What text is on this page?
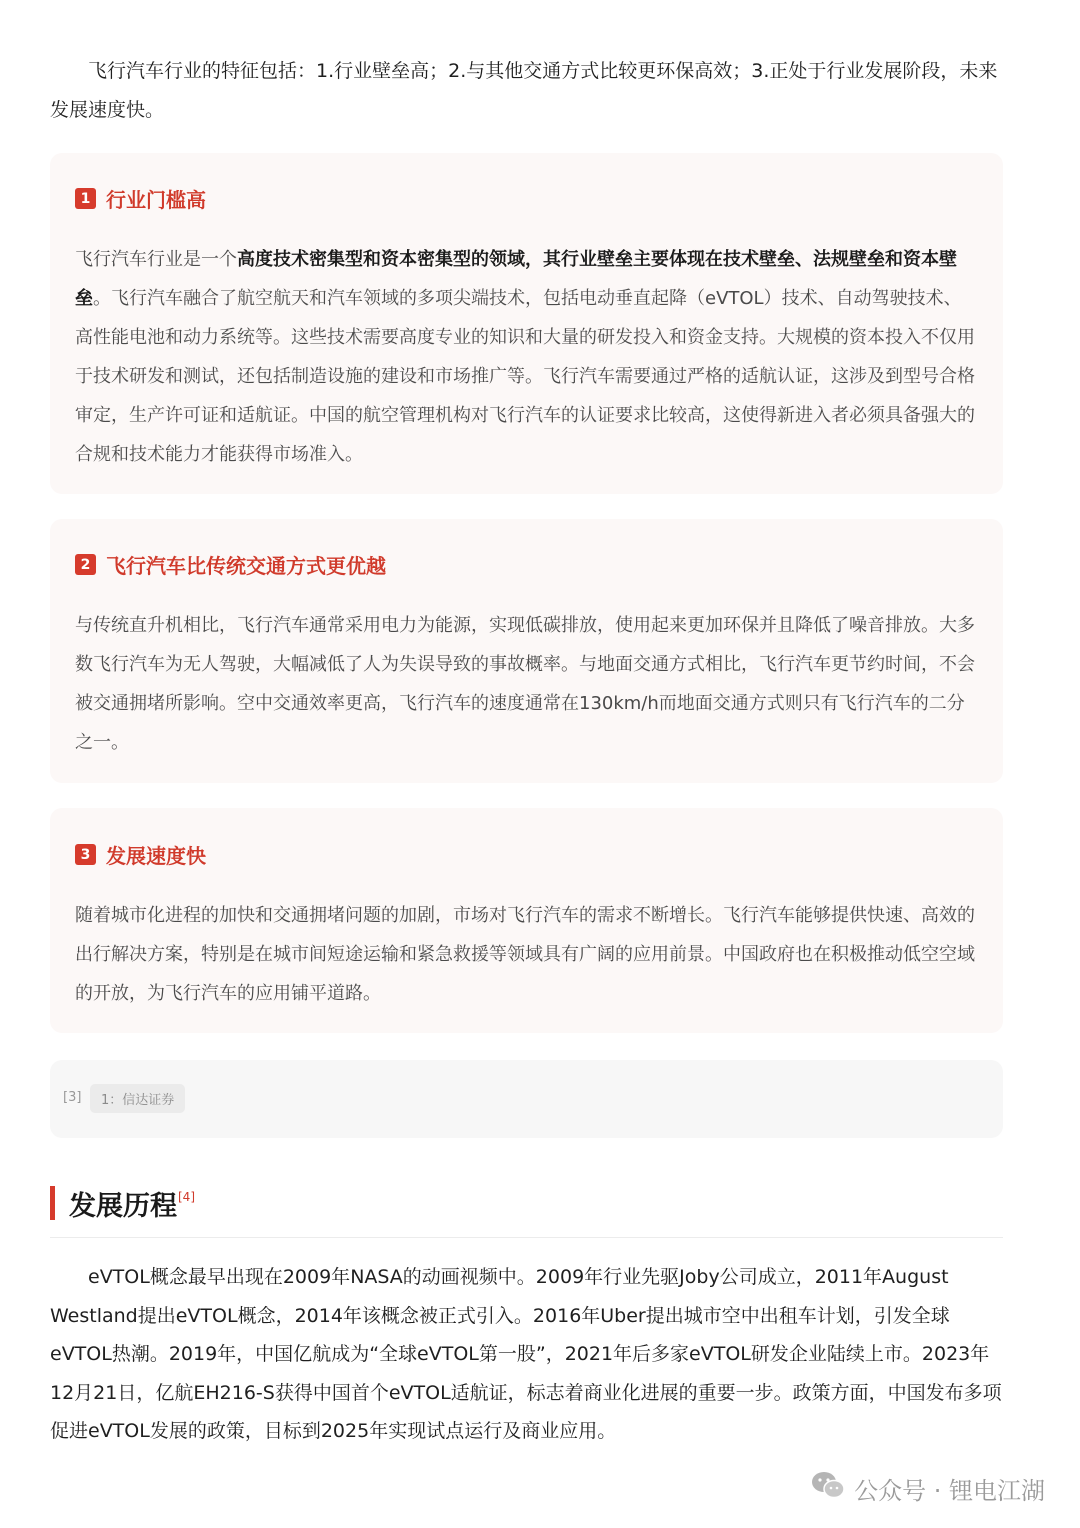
飞行汽车行业的特征包括：1.行业壁垒高；2.与其他交通方式比较更环保高效；3.正处于行业发展阶段，未来发展速度快。

1 行业门槛高

飞行汽车行业是一个高度技术密集型和资本密集型的领域，其行业壁垒主要体现在技术壁垒、法规壁垒和资本壁垒。飞行汽车融合了航空航天和汽车领域的多项尖端技术，包括电动垂直起降（eVTOL）技术、自动驾驶技术、高性能电池和动力系统等。这些技术需要高度专业的知识和大量的研发投入和资金支持。大规模的资本投入不仅用于技术研发和测试，还包括制造设施的建设和市场推广等。飞行汽车需要通过严格的适航认证，这涉及到型号合格审定，生产许可证和适航证。中国的航空管理机构对飞行汽车的认证要求比较高，这使得新进入者必须具备强大的合规和技术能力才能获得市场准入。

2 飞行汽车比传统交通方式更优越

与传统直升机相比，飞行汽车通常采用电力为能源，实现低碳排放，使用起来更加环保并且降低了噪音排放。大多数飞行汽车为无人驾驶，大幅减低了人为失误导致的事故概率。与地面交通方式相比，飞行汽车更节约时间，不会被交通拥堵所影响。空中交通效率更高，飞行汽车的速度通常在130km/h而地面交通方式则只有飞行汽车的二分之一。

3 发展速度快

随着城市化进程的加快和交通拥堵问题的加剧，市场对飞行汽车的需求不断增长。飞行汽车能够提供快速、高效的出行解决方案，特别是在城市间短途运输和紧急救援等领域具有广阔的应用前景。中国政府也在积极推动低空空域的开放，为飞行汽车的应用铺平道路。

[3]	1：信达证券
发展历程[4]

eVTOL概念最早出现在2009年NASA的动画视频中。2009年行业先驱Joby公司成立，2011年August Westland提出eVTOL概念，2014年该概念被正式引入。2016年Uber提出城市空中出租车计划，引发全球eVTOL热潮。2019年，中国亿航成为“全球eVTOL第一股”，2021年后多家eVTOL研发企业陆续上市。2023年12月21日，亿航EH216-S获得中国首个eVTOL适航证，标志着商业化进展的重要一步。政策方面，中国发布多项促进eVTOL发展的政策，目标到2025年实现试点运行及商业应用。

公众号 · 锂电江湖
